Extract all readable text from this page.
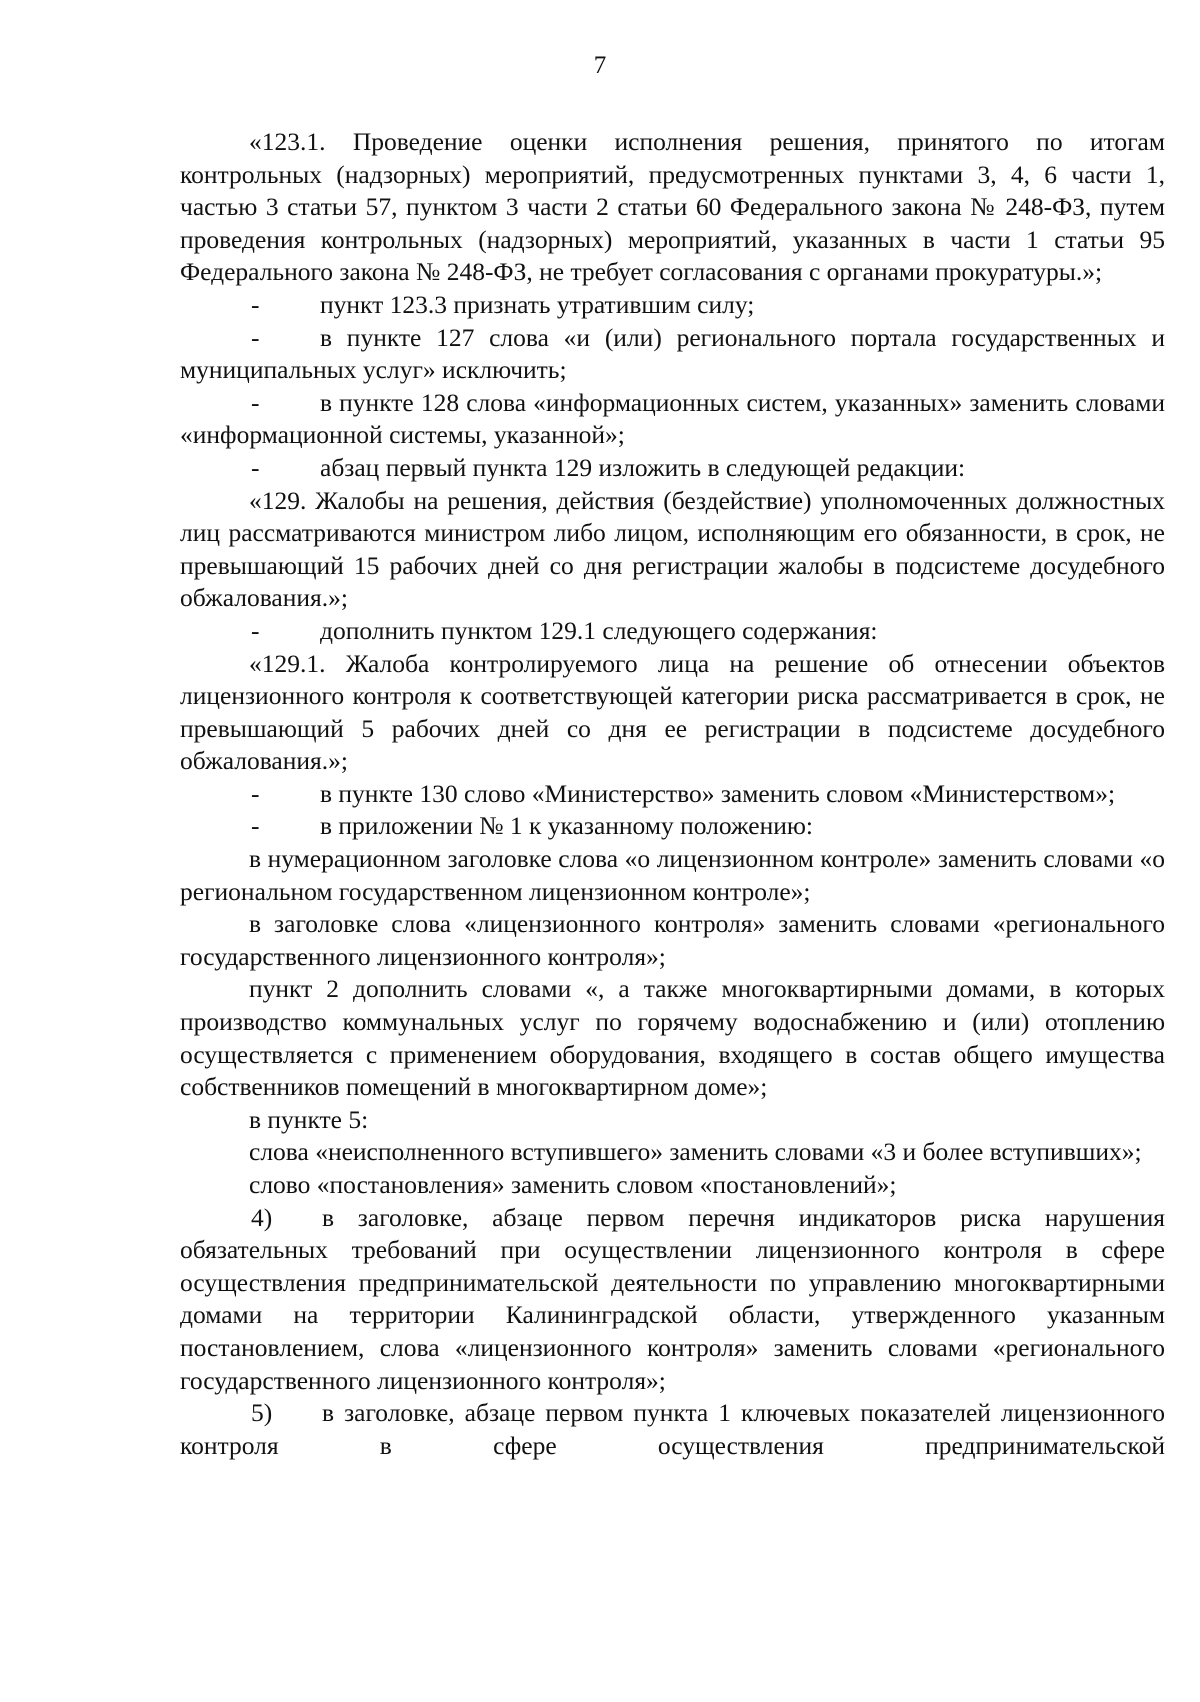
7

«123.1. Проведение оценки исполнения решения, принятого по итогам контрольных (надзорных) мероприятий, предусмотренных пунктами 3, 4, 6 части 1, частью 3 статьи 57, пунктом 3 части 2 статьи 60 Федерального закона № 248-ФЗ, путем проведения контрольных (надзорных) мероприятий, указанных в части 1 статьи 95 Федерального закона № 248-ФЗ, не требует согласования с органами прокуратуры.»;

- пункт 123.3 признать утратившим силу;

- в пункте 127 слова «и (или) регионального портала государственных и муниципальных услуг» исключить;

- в пункте 128 слова «информационных систем, указанных» заменить словами «информационной системы, указанной»;

- абзац первый пункта 129 изложить в следующей редакции:

«129. Жалобы на решения, действия (бездействие) уполномоченных должностных лиц рассматриваются министром либо лицом, исполняющим его обязанности, в срок, не превышающий 15 рабочих дней со дня регистрации жалобы в подсистеме досудебного обжалования.»;

- дополнить пунктом 129.1 следующего содержания:

«129.1. Жалоба контролируемого лица на решение об отнесении объектов лицензионного контроля к соответствующей категории риска рассматривается в срок, не превышающий 5 рабочих дней со дня ее регистрации в подсистеме досудебного обжалования.»;

- в пункте 130 слово «Министерство» заменить словом «Министерством»;

- в приложении № 1 к указанному положению:

в нумерационном заголовке слова «о лицензионном контроле» заменить словами «о региональном государственном лицензионном контроле»;

в заголовке слова «лицензионного контроля» заменить словами «регионального государственного лицензионного контроля»;

пункт 2 дополнить словами «, а также многоквартирными домами, в которых производство коммунальных услуг по горячему водоснабжению и (или) отоплению осуществляется с применением оборудования, входящего в состав общего имущества собственников помещений в многоквартирном доме»;

в пункте 5:

слова «неисполненного вступившего» заменить словами «3 и более вступивших»;

слово «постановления» заменить словом «постановлений»;

4) в заголовке, абзаце первом перечня индикаторов риска нарушения обязательных требований при осуществлении лицензионного контроля в сфере осуществления предпринимательской деятельности по управлению многоквартирными домами на территории Калининградской области, утвержденного указанным постановлением, слова «лицензионного контроля» заменить словами «регионального государственного лицензионного контроля»;

5) в заголовке, абзаце первом пункта 1 ключевых показателей лицензионного контроля в сфере осуществления предпринимательской
